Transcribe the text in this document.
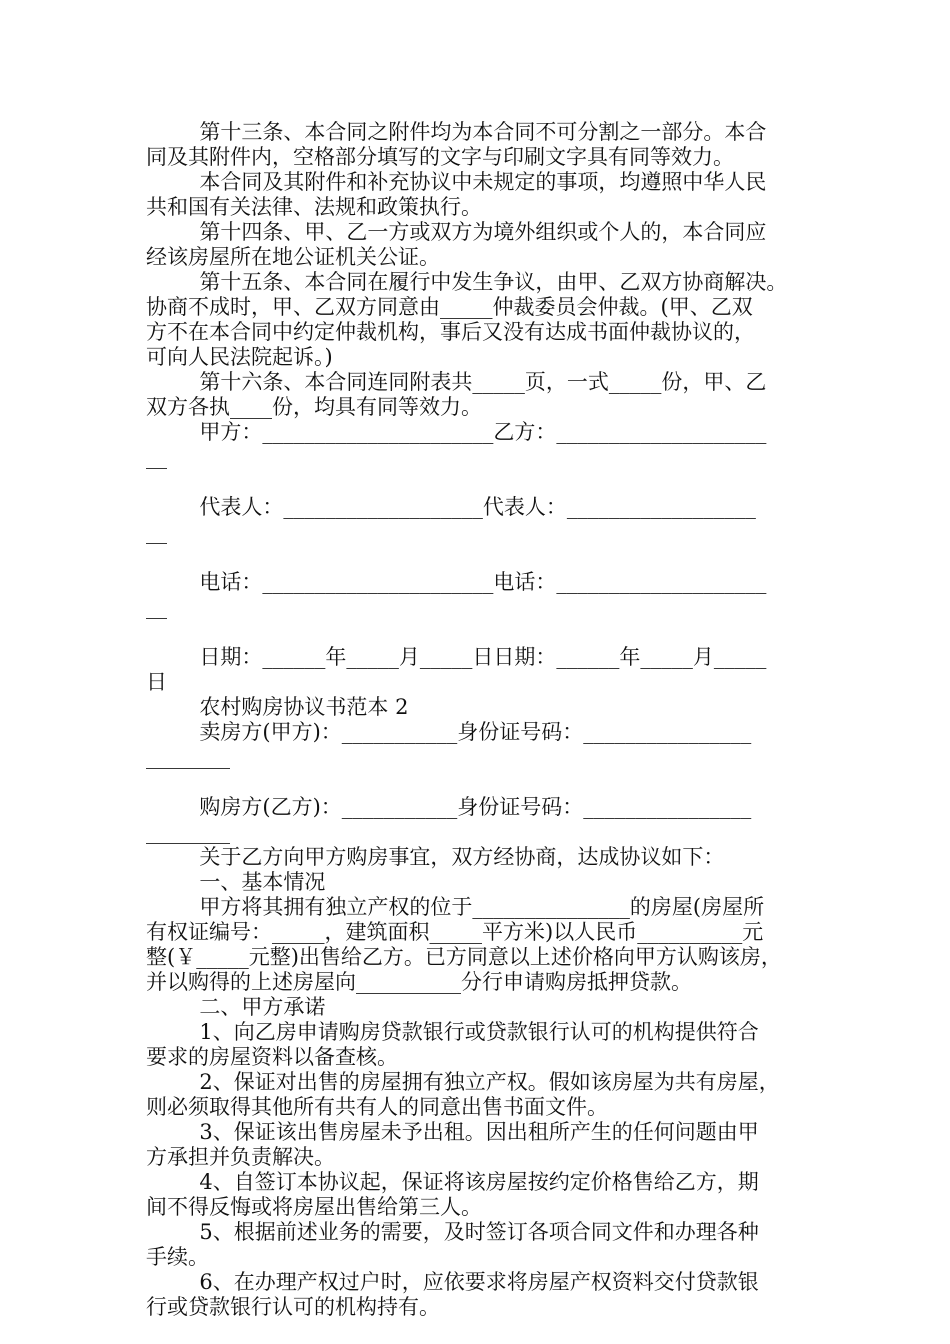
第十三条、本合同之附件均为本合同不可分割之一部分。本合
同及其附件内，空格部分填写的文字与印刷文字具有同等效力。
本合同及其附件和补充协议中未规定的事项，均遵照中华人民
共和国有关法律、法规和政策执行。
第十四条、甲、乙一方或双方为境外组织或个人的，本合同应
经该房屋所在地公证机关公证。
第十五条、本合同在履行中发生争议，由甲、乙双方协商解决。
协商不成时，甲、乙双方同意由_____仲裁委员会仲裁。(甲、乙双
方不在本合同中约定仲裁机构，事后又没有达成书面仲裁协议的，
可向人民法院起诉。)
第十六条、本合同连同附表共_____页，一式_____份，甲、乙
双方各执____份，均具有同等效力。
甲方：______________________乙方：____________________
__
代表人：___________________代表人：__________________
__
电话：______________________电话：____________________
__
日期：______年_____月_____日日期：______年_____月_____
日
农村购房协议书范本 2
卖房方(甲方)：___________身份证号码：________________
________
购房方(乙方)：___________身份证号码：________________
________
关于乙方向甲方购房事宜，双方经协商，达成协议如下：
一、基本情况
甲方将其拥有独立产权的位于_______________的房屋(房屋所
有权证编号：_____，建筑面积_____平方米)以人民币__________元
整(￥_____元整)出售给乙方。已方同意以上述价格向甲方认购该房，
并以购得的上述房屋向__________分行申请购房抵押贷款。
二、甲方承诺
1、向乙房申请购房贷款银行或贷款银行认可的机构提供符合
要求的房屋资料以备查核。
2、保证对出售的房屋拥有独立产权。假如该房屋为共有房屋，
则必须取得其他所有共有人的同意出售书面文件。
3、保证该出售房屋未予出租。因出租所产生的任何问题由甲
方承担并负责解决。
4、自签订本协议起，保证将该房屋按约定价格售给乙方，期
间不得反悔或将房屋出售给第三人。
5、根据前述业务的需要，及时签订各项合同文件和办理各种
手续。
6、在办理产权过户时，应依要求将房屋产权资料交付贷款银
行或贷款银行认可的机构持有。
